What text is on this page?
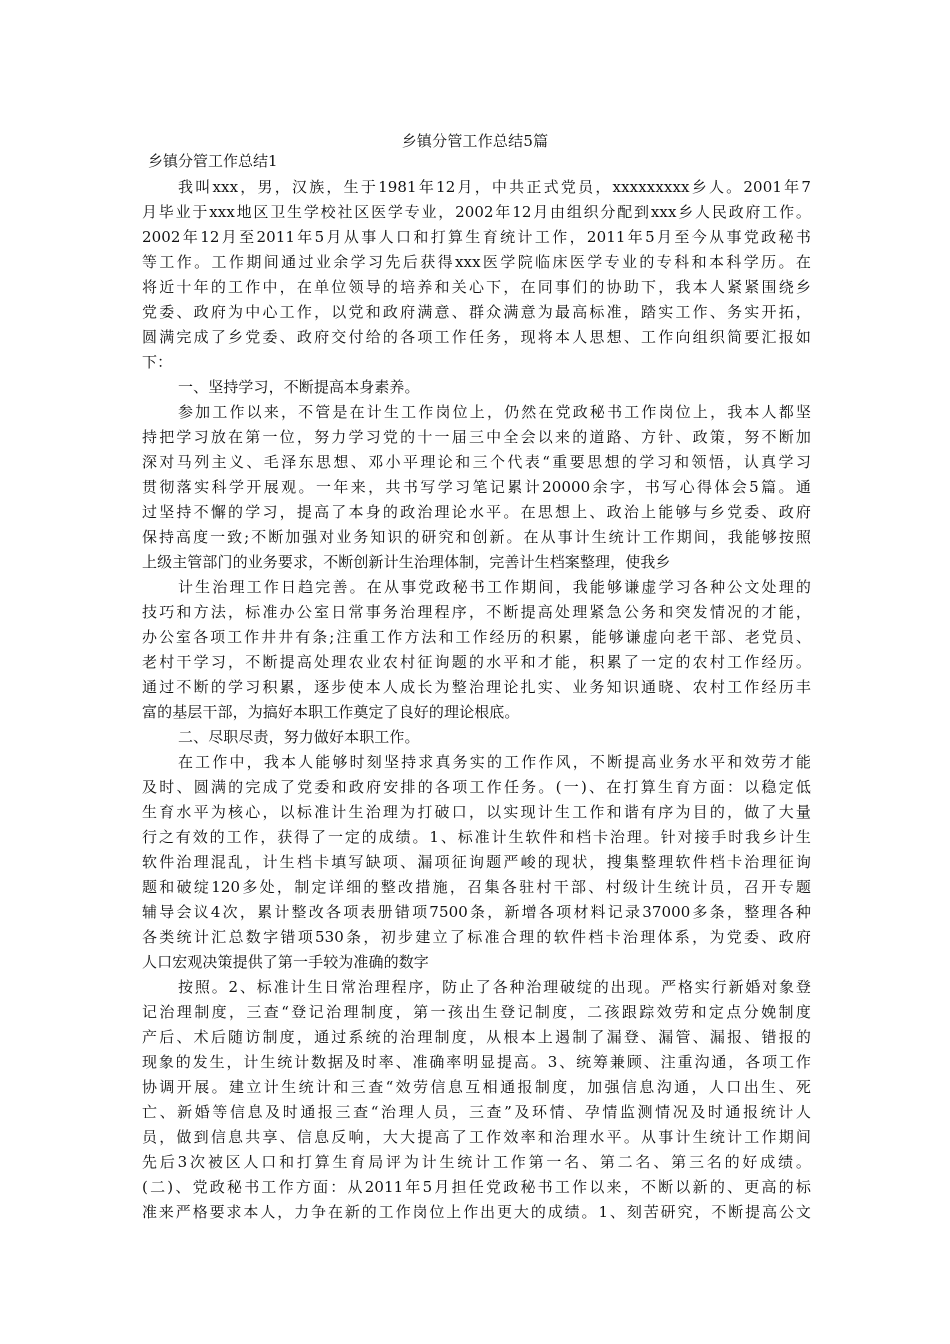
乡镇分管工作总结5篇
乡镇分管工作总结1
我叫xxx，男，汉族，生于1981年12月，中共正式党员，xxxxxxxxx乡人。2001年7
月毕业于xxx地区卫生学校社区医学专业，2002年12月由组织分配到xxx乡人民政府工作。
2002年12月至2011年5月从事人口和打算生育统计工作，2011年5月至今从事党政秘书
等工作。工作期间通过业余学习先后获得xxx医学院临床医学专业的专科和本科学历。在
将近十年的工作中，在单位领导的培养和关心下，在同事们的协助下，我本人紧紧围绕乡
党委、政府为中心工作，以党和政府满意、群众满意为最高标准，踏实工作、务实开拓，
圆满完成了乡党委、政府交付给的各项工作任务，现将本人思想、工作向组织简要汇报如
下：
一、坚持学习，不断提高本身素养。
参加工作以来，不管是在计生工作岗位上，仍然在党政秘书工作岗位上，我本人都坚
持把学习放在第一位，努力学习党的十一届三中全会以来的道路、方针、政策，努不断加
深对马列主义、毛泽东思想、邓小平理论和三个代表“重要思想的学习和领悟，认真学习
贯彻落实科学开展观。一年来，共书写学习笔记累计20000余字，书写心得体会5篇。通
过坚持不懈的学习，提高了本身的政治理论水平。在思想上、政治上能够与乡党委、政府
保持高度一致;不断加强对业务知识的研究和创新。在从事计生统计工作期间，我能够按照
上级主管部门的业务要求，不断创新计生治理体制，完善计生档案整理，使我乡
计生治理工作日趋完善。在从事党政秘书工作期间，我能够谦虚学习各种公文处理的
技巧和方法，标准办公室日常事务治理程序，不断提高处理紧急公务和突发情况的才能，
办公室各项工作井井有条;注重工作方法和工作经历的积累，能够谦虚向老干部、老党员、
老村干学习，不断提高处理农业农村征询题的水平和才能，积累了一定的农村工作经历。
通过不断的学习积累，逐步使本人成长为整治理论扎实、业务知识通晓、农村工作经历丰
富的基层干部，为搞好本职工作奠定了良好的理论根底。
二、尽职尽责，努力做好本职工作。
在工作中，我本人能够时刻坚持求真务实的工作作风，不断提高业务水平和效劳才能
及时、圆满的完成了党委和政府安排的各项工作任务。(一)、在打算生育方面：以稳定低
生育水平为核心，以标准计生治理为打破口，以实现计生工作和谐有序为目的，做了大量
行之有效的工作，获得了一定的成绩。1、标准计生软件和档卡治理。针对接手时我乡计生
软件治理混乱，计生档卡填写缺项、漏项征询题严峻的现状，搜集整理软件档卡治理征询
题和破绽120多处，制定详细的整改措施，召集各驻村干部、村级计生统计员，召开专题
辅导会议4次，累计整改各项表册错项7500条，新增各项材料记录37000多条，整理各种
各类统计汇总数字错项530条，初步建立了标准合理的软件档卡治理体系，为党委、政府
人口宏观决策提供了第一手较为准确的数字
按照。2、标准计生日常治理程序，防止了各种治理破绽的出现。严格实行新婚对象登
记治理制度，三查“登记治理制度，第一孩出生登记制度，二孩跟踪效劳和定点分娩制度
产后、术后随访制度，通过系统的治理制度，从根本上遏制了漏登、漏管、漏报、错报的
现象的发生，计生统计数据及时率、准确率明显提高。3、统筹兼顾、注重沟通，各项工作
协调开展。建立计生统计和三查“效劳信息互相通报制度，加强信息沟通，人口出生、死
亡、新婚等信息及时通报三查“治理人员，三查”及环情、孕情监测情况及时通报统计人
员，做到信息共享、信息反响，大大提高了工作效率和治理水平。从事计生统计工作期间
先后3次被区人口和打算生育局评为计生统计工作第一名、第二名、第三名的好成绩。
(二)、党政秘书工作方面：从2011年5月担任党政秘书工作以来，不断以新的、更高的标
准来严格要求本人，力争在新的工作岗位上作出更大的成绩。1、刻苦研究，不断提高公文
